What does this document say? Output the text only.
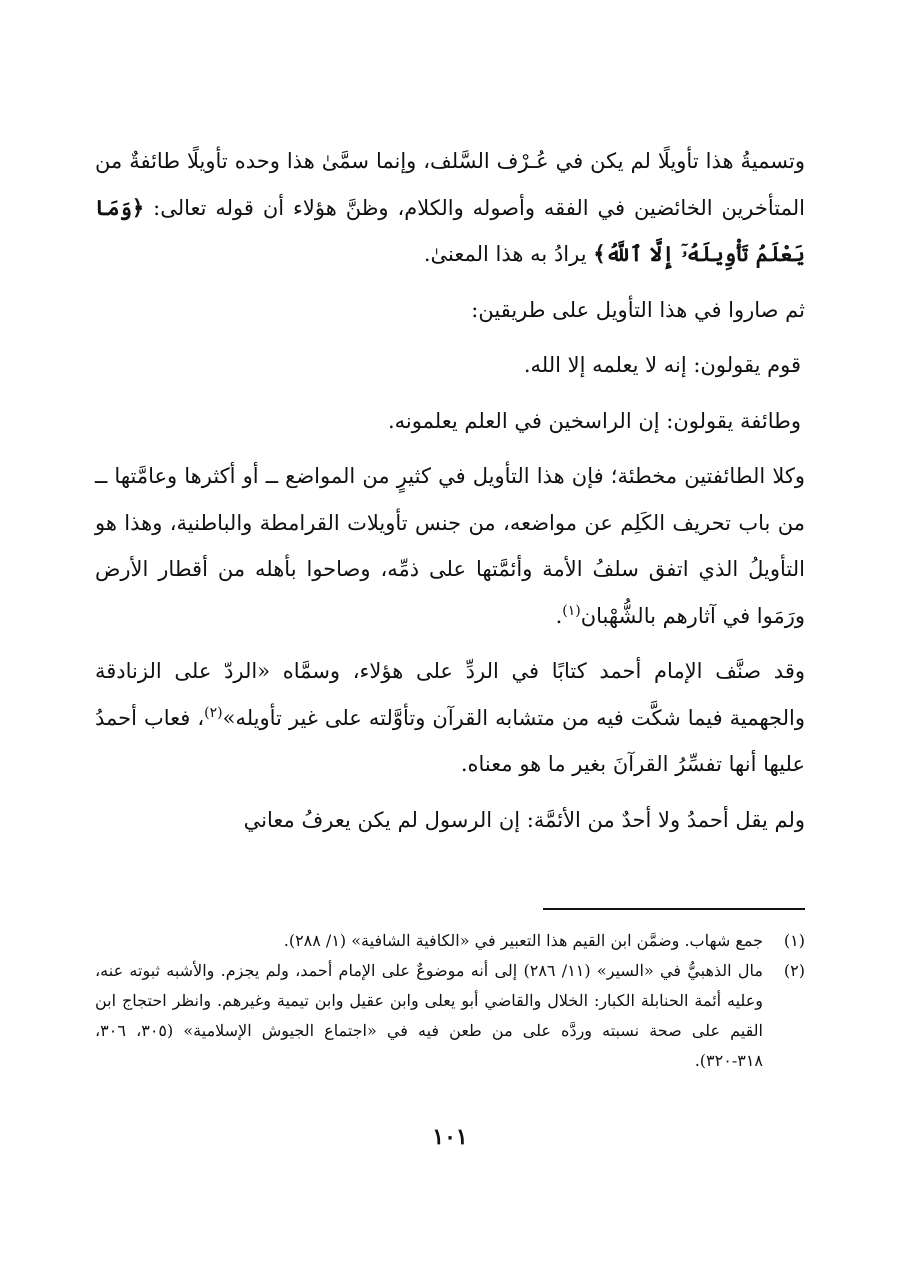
وتسميةُ هذا تأويلًا لم يكن في عُـرْف السَّلف، وإنما سمَّىٰ هذا وحده تأويلًا طائفةٌ من المتأخرين الخائضين في الفقه وأصوله والكلام، وظنَّ هؤلاء أن قوله تعالى: ﴿وَمَا يَعْلَمُ تَأْوِيلَهُۥٓ إِلَّا ٱللَّهُ﴾ يرادُ به هذا المعنىٰ.

ثم صاروا في هذا التأويل على طريقين:

قوم يقولون: إنه لا يعلمه إلا الله.

وطائفة يقولون: إن الراسخين في العلم يعلمونه.

وكلا الطائفتين مخطئة؛ فإن هذا التأويل في كثيرٍ من المواضع ــ أو أكثرها وعامَّتها ــ من باب تحريف الكَلِم عن مواضعه، من جنس تأويلات القرامطة والباطنية، وهذا هو التأويلُ الذي اتفق سلفُ الأمة وأئمَّتها على ذمِّه، وصاحوا بأهله من أقطار الأرض ورَمَوا في آثارهم بالشُّهْبان$^{(١)}$.

وقد صنَّف الإمام أحمد كتابًا في الردِّ على هؤلاء، وسمَّاه «الردّ على الزنادقة والجهمية فيما شكَّت فيه من متشابه القرآن وتأوَّلته على غير تأويله»$^{(٢)}$، فعاب أحمدُ عليها أنها تفسِّرُ القرآنَ بغير ما هو معناه.

ولم يقل أحمدُ ولا أحدٌ من الأئمَّة: إن الرسول لم يكن يعرفُ معاني

(١)
جمع شهاب. وضمَّن ابن القيم هذا التعبير في «الكافية الشافية» (١/ ٢٨٨).
(٢)
مال الذهبيُّ في «السير» (١١/ ٢٨٦) إلى أنه موضوعٌ على الإمام أحمد، ولم يجزم. والأشبه ثبوته عنه، وعليه أئمة الحنابلة الكبار: الخلال والقاضي أبو يعلى وابن عقيل وابن تيمية وغيرهم. وانظر احتجاج ابن القيم على صحة نسبته وردَّه على من طعن فيه في «اجتماع الجيوش الإسلامية» (٣٠٥، ٣٠٦، ٣١٨-٣٢٠).
١٠١
